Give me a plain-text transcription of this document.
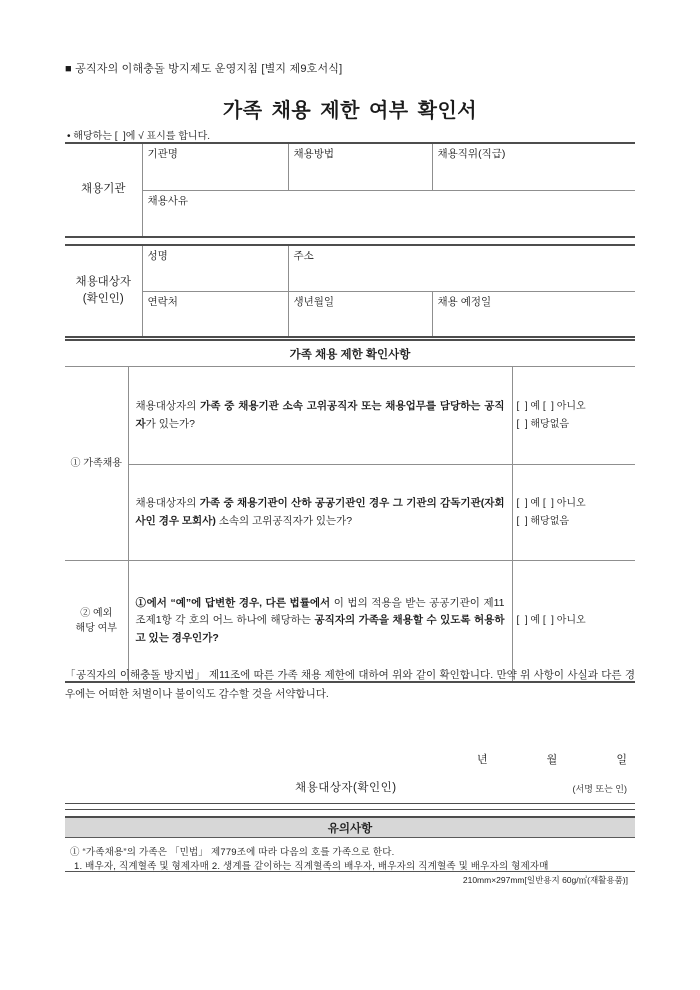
■ 공직자의 이해충돌 방지제도 운영지침 [별지 제9호서식]
가족 채용 제한 여부 확인서
• 해당하는 [  ]에 √ 표시를 합니다.
채용기관	기관명	채용방법	채용직위(직급)
채용사유
채용대상자
(확인인)	성명	주소	
	연락처	생년월일	채용 예정일
가족 채용 제한 확인사항		
① 가족채용	채용대상자의 가족 중 채용기관 소속 고위공직자 또는 채용업무를 담당하는 공직자가 있는가?	[  ] 예 [  ] 아니오
[  ] 해당없음

	채용대상자의 가족 중 채용기관이 산하 공공기관인 경우 그 기관의 감독기관(자회사인 경우 모회사) 소속의 고위공직자가 있는가?	[  ] 예 [  ] 아니오
[  ] 해당없음

② 예외
해당 여부	①에서 “예”에 답변한 경우, 다른 법률에서 이 법의 적용을 받는 공공기관이 제11조제1항 각 호의 어느 하나에 해당하는 공직자의 가족을 채용할 수 있도록 허용하고 있는 경우인가?	[  ] 예 [  ] 아니오
「공직자의 이해충돌 방지법」 제11조에 따른 가족 채용 제한에 대하여 위와 같이 확인합니다. 만약 위 사항이 사실과 다른 경우에는 어떠한 처벌이나 불이익도 감수할 것을 서약합니다.
년	월	일
채용대상자(확인인)	(서명 또는 인)
유의사항
① “가족채용”의 가족은 「민법」 제779조에 따라 다음의 호를 가족으로 한다.
1. 배우자, 직계혈족 및 형제자매 2. 생계를 같이하는 직계혈족의 배우자, 배우자의 직계혈족 및 배우자의 형제자매
210mm×297mm[일반용지 60g/㎡(재활용품)]
